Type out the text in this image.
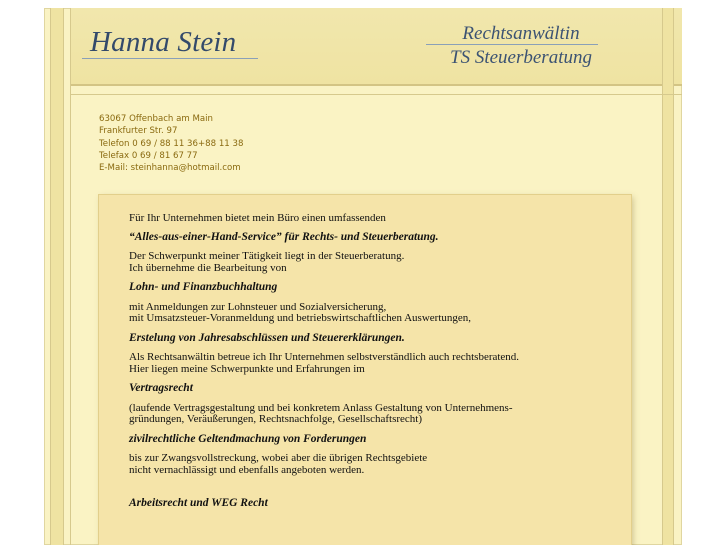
Hanna Stein	Rechtsanwältin
TS Steuerberatung
63067 Offenbach am Main
Frankfurter Str. 97
Telefon 0 69 / 88 11 36+88 11 38
Telefax 0 69 / 81 67 77
E-Mail: steinhanna@hotmail.com

Für Ihr Unternehmen bietet mein Büro einen umfassenden

“Alles-aus-einer-Hand-Service” für Rechts- und Steuerberatung.

Der Schwerpunkt meiner Tätigkeit liegt in der Steuerberatung.

Ich übernehme die Bearbeitung von

Lohn- und Finanzbuchhaltung

mit Anmeldungen zur Lohnsteuer und Sozialversicherung,

mit Umsatzsteuer-Voranmeldung und betriebswirtschaftlichen Auswertungen,

Erstelung von Jahresabschlüssen und Steuererklärungen.

Als Rechtsanwältin betreue ich Ihr Unternehmen selbstverständlich auch rechtsberatend.

Hier liegen meine Schwerpunkte und Erfahrungen im

Vertragsrecht

(laufende Vertragsgestaltung und bei konkretem Anlass Gestaltung von Unternehmens-

gründungen, Veräußerungen, Rechtsnachfolge, Gesellschaftsrecht)

zivilrechtliche Geltendmachung von Forderungen

bis zur Zwangsvollstreckung, wobei aber die übrigen Rechtsgebiete

nicht vernachlässigt und ebenfalls angeboten werden.

Arbeitsrecht und WEG Recht
